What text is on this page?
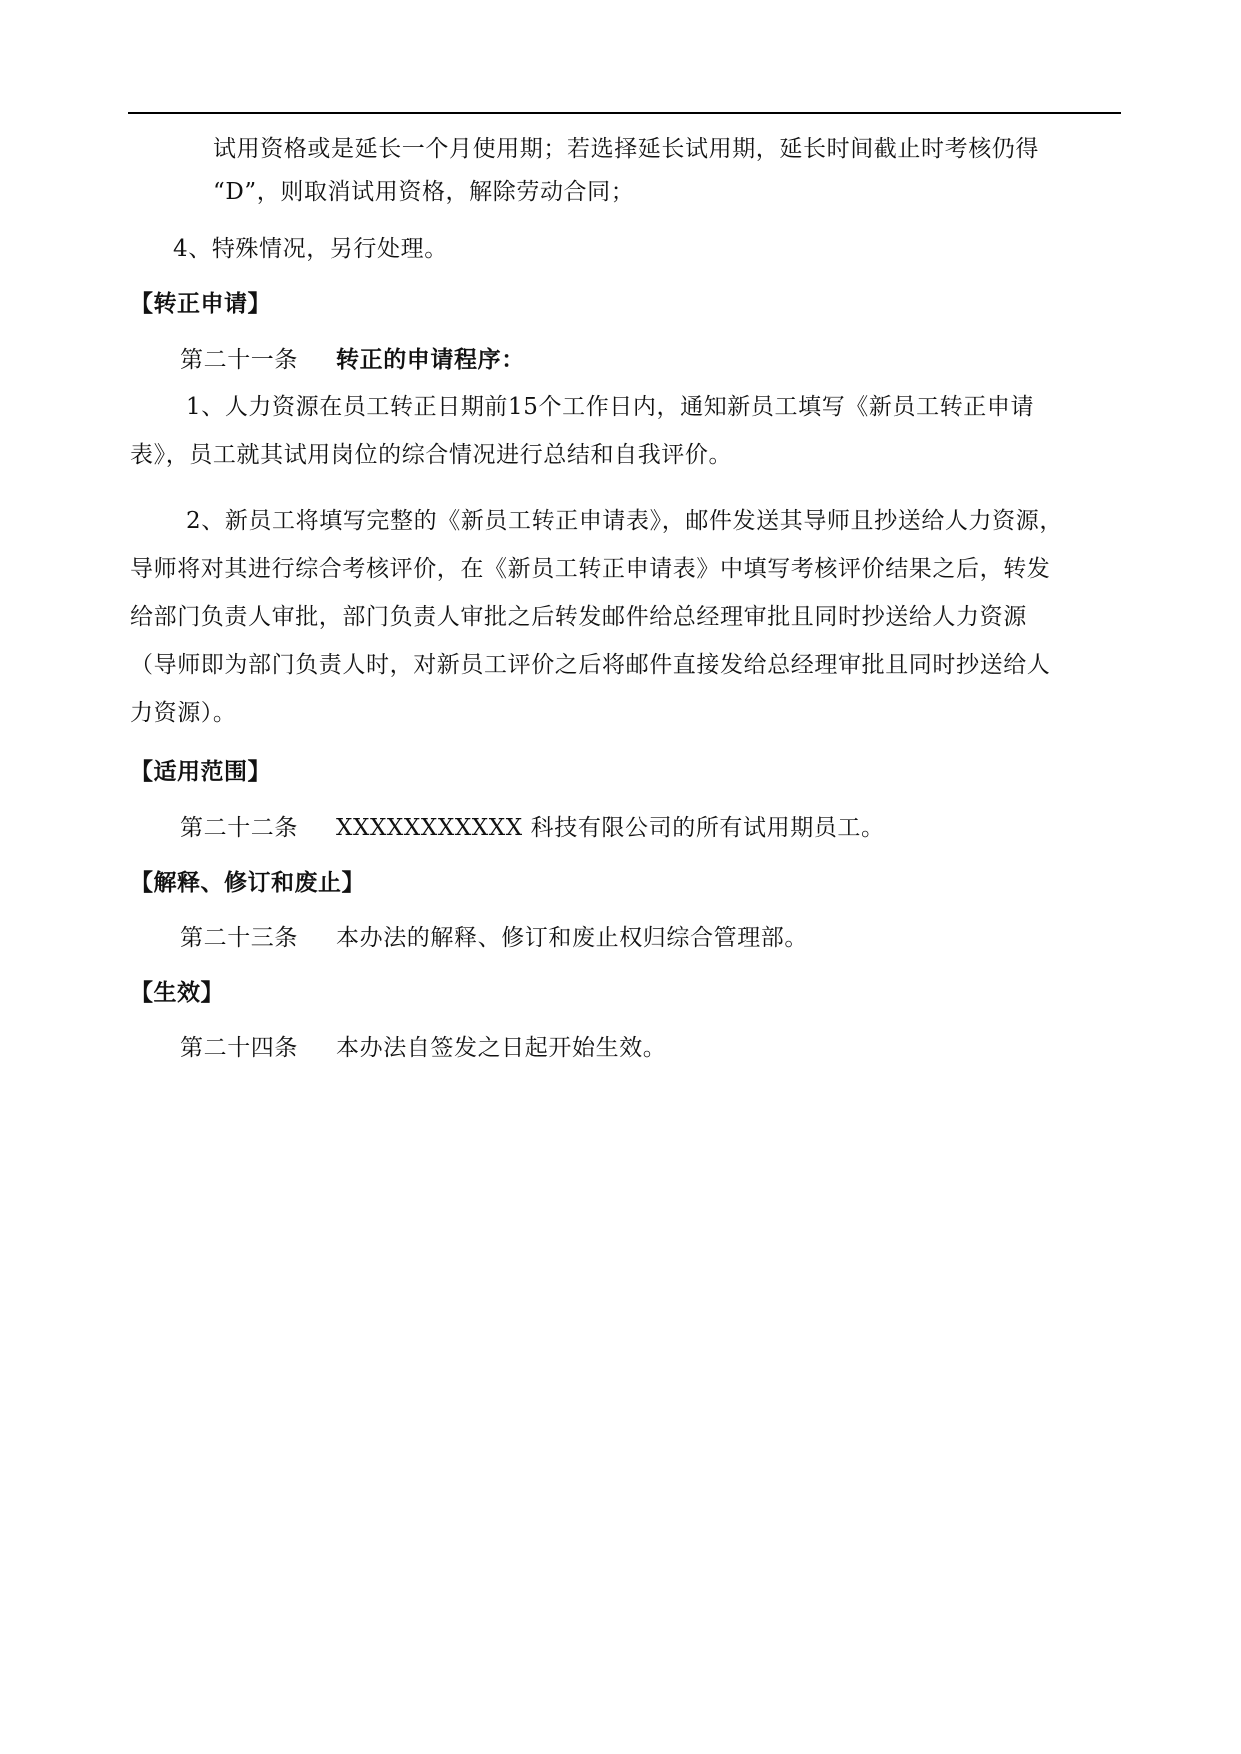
试用资格或是延长一个月使用期；若选择延长试用期，延长时间截止时考核仍得
“D”，则取消试用资格，解除劳动合同；
4、特殊情况，另行处理。
【转正申请】
第二十一条 转正的申请程序：
1、人力资源在员工转正日期前15个工作日内，通知新员工填写《新员工转正申请
表》，员工就其试用岗位的综合情况进行总结和自我评价。
2、新员工将填写完整的《新员工转正申请表》，邮件发送其导师且抄送给人力资源，
导师将对其进行综合考核评价，在《新员工转正申请表》中填写考核评价结果之后，转发
给部门负责人审批，部门负责人审批之后转发邮件给总经理审批且同时抄送给人力资源
（导师即为部门负责人时，对新员工评价之后将邮件直接发给总经理审批且同时抄送给人
力资源）。
【适用范围】
第二十二条 XXXXXXXXXXX 科技有限公司的所有试用期员工。
【解释、修订和废止】
第二十三条 本办法的解释、修订和废止权归综合管理部。
【生效】
第二十四条 本办法自签发之日起开始生效。
